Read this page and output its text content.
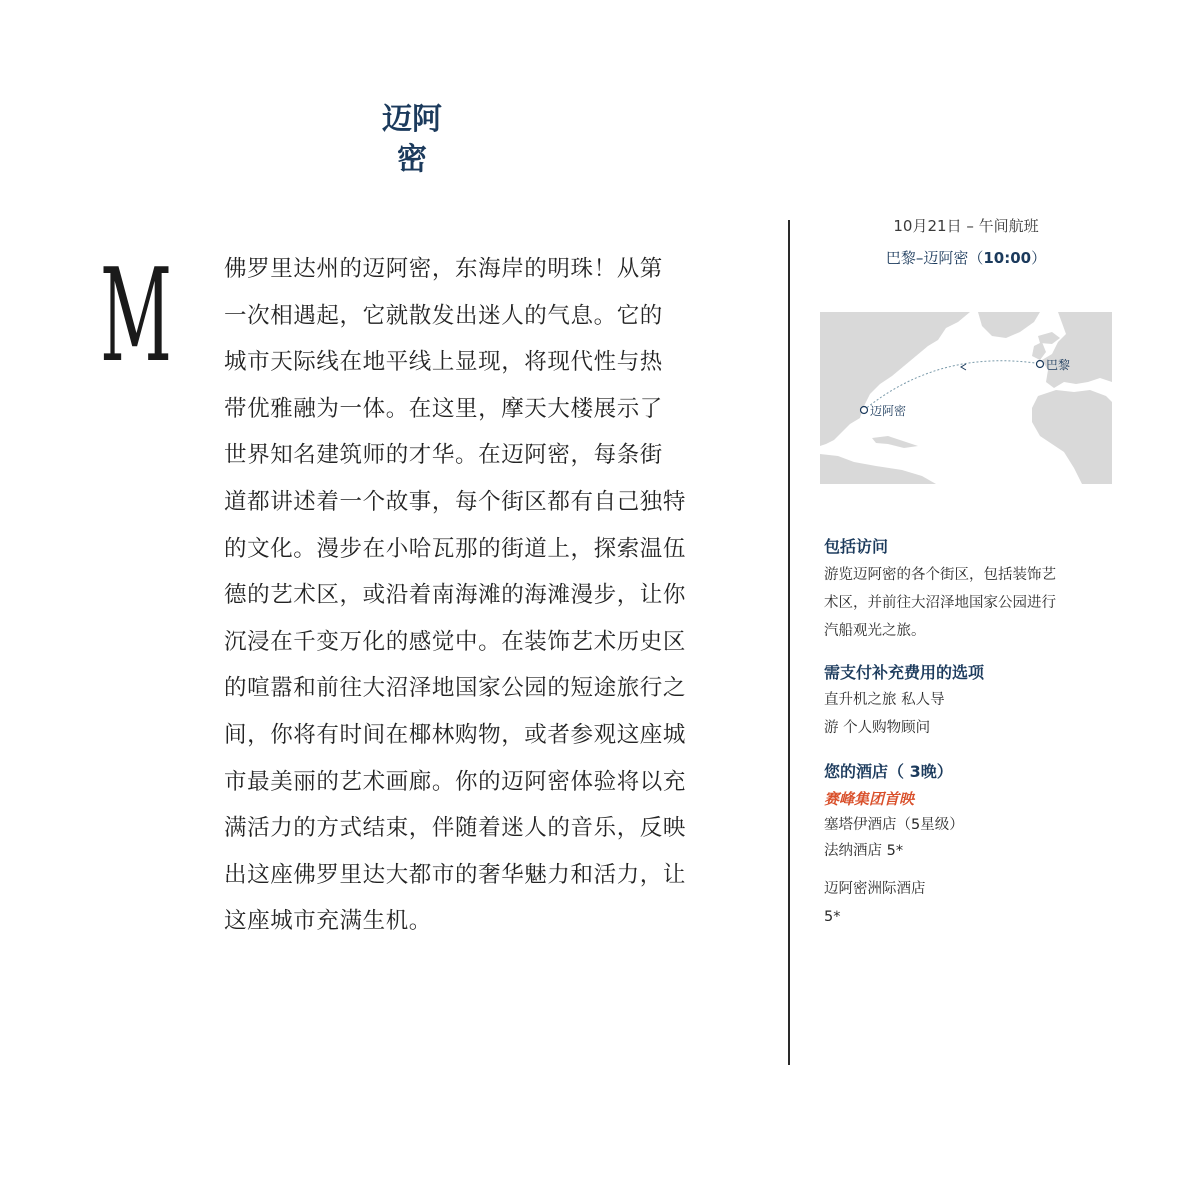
迈阿
密
M 佛罗里达州的迈阿密，东海岸的明珠！从第
一次相遇起，它就散发出迷人的气息。它的
城市天际线在地平线上显现，将现代性与热
带优雅融为一体。在这里，摩天大楼展示了
世界知名建筑师的才华。在迈阿密，每条街
道都讲述着一个故事，每个街区都有自己独特
的文化。漫步在小哈瓦那的街道上，探索温伍
德的艺术区，或沿着南海滩的海滩漫步，让你
沉浸在千变万化的感觉中。在装饰艺术历史区
的喧嚣和前往大沼泽地国家公园的短途旅行之
间，你将有时间在椰林购物，或者参观这座城
市最美丽的艺术画廊。你的迈阿密体验将以充
满活力的方式结束，伴随着迷人的音乐，反映
出这座佛罗里达大都市的奢华魅力和活力，让
这座城市充满生机。
10月21日 – 午间航班
巴黎–迈阿密（10:00）
巴黎
迈阿密
包括访问
游览迈阿密的各个街区，包括装饰艺
术区，并前往大沼泽地国家公园进行
汽船观光之旅。
需支付补充费用的选项
直升机之旅 私人导
游 个人购物顾问
您的酒店（ 3晚）
赛峰集团首映
塞塔伊酒店（5星级）
法纳酒店 5*
迈阿密洲际酒店
5*
